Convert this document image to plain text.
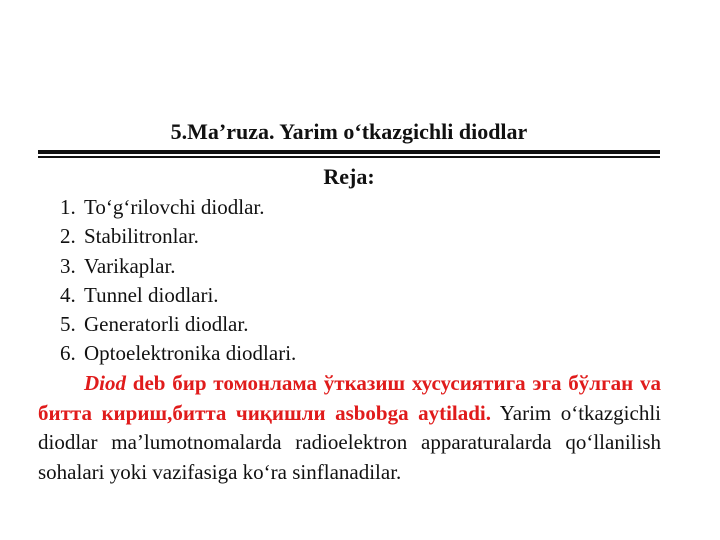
5.Ma’ruza. Yarim o‘tkazgichli diodlar
Reja:
1. To‘g‘rilovchi diodlar.
2. Stabilitronlar.
3. Varikaplar.
4. Tunnel diodlari.
5. Generatorli diodlar.
6. Optoelektronika diodlari.

Diod deb бир томонлама ўтказиш хусусиятига эга бўлган va битта кириш,битта чиқишли asbobga aytiladi. Yarim o‘tkazgichli diodlar ma’lumotnomalarda radioelektron apparaturalarda qo‘llanilish sohalari yoki vazifasiga ko‘ra sinflanadilar.
